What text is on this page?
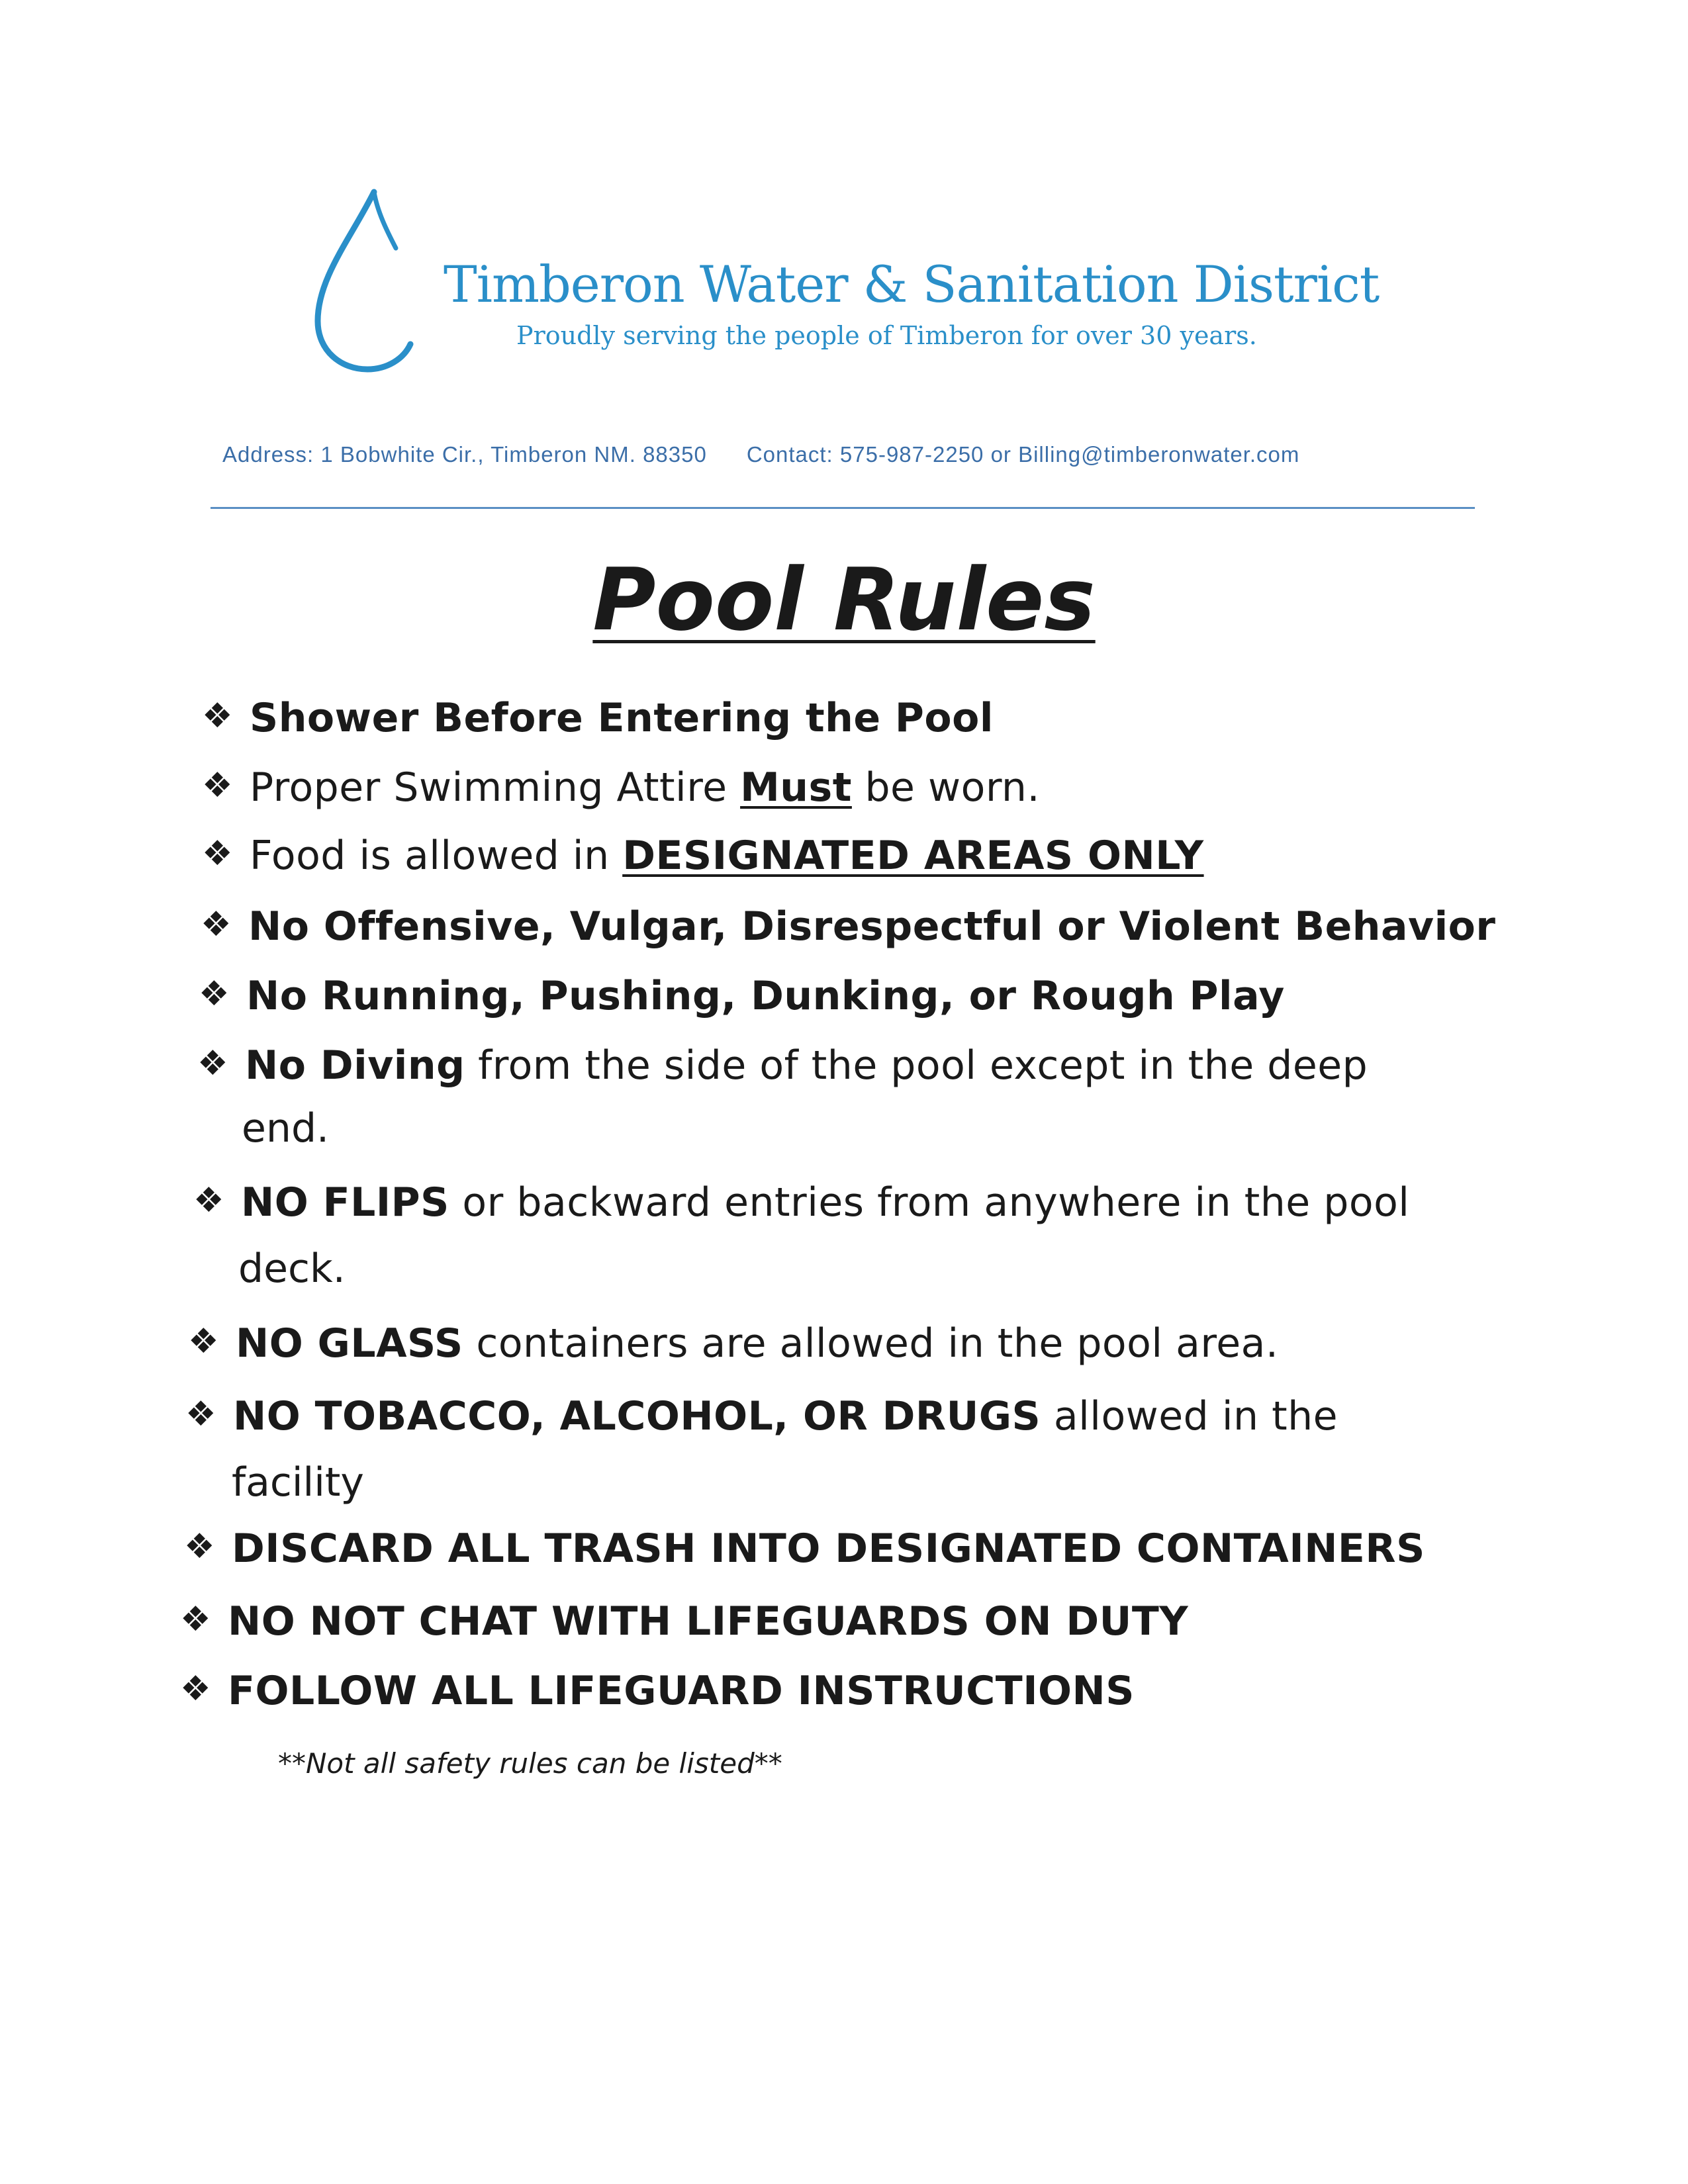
Timberon Water & Sanitation District
Proudly serving the people of Timberon for over 30 years.
Address: 1 Bobwhite Cir., Timberon NM. 88350 Contact: 575-987-2250 or Billing@timberonwater.com
Pool Rules
❖ Shower Before Entering the Pool
❖ Proper Swimming Attire Must be worn.
❖ Food is allowed in DESIGNATED AREAS ONLY
❖ No Offensive, Vulgar, Disrespectful or Violent Behavior
❖ No Running, Pushing, Dunking, or Rough Play
❖ No Diving from the side of the pool except in the deep
end.
❖ NO FLIPS or backward entries from anywhere in the pool
deck.
❖ NO GLASS containers are allowed in the pool area.
❖ NO TOBACCO, ALCOHOL, OR DRUGS allowed in the
facility
❖ DISCARD ALL TRASH INTO DESIGNATED CONTAINERS
❖ NO NOT CHAT WITH LIFEGUARDS ON DUTY
❖ FOLLOW ALL LIFEGUARD INSTRUCTIONS
**Not all safety rules can be listed**
